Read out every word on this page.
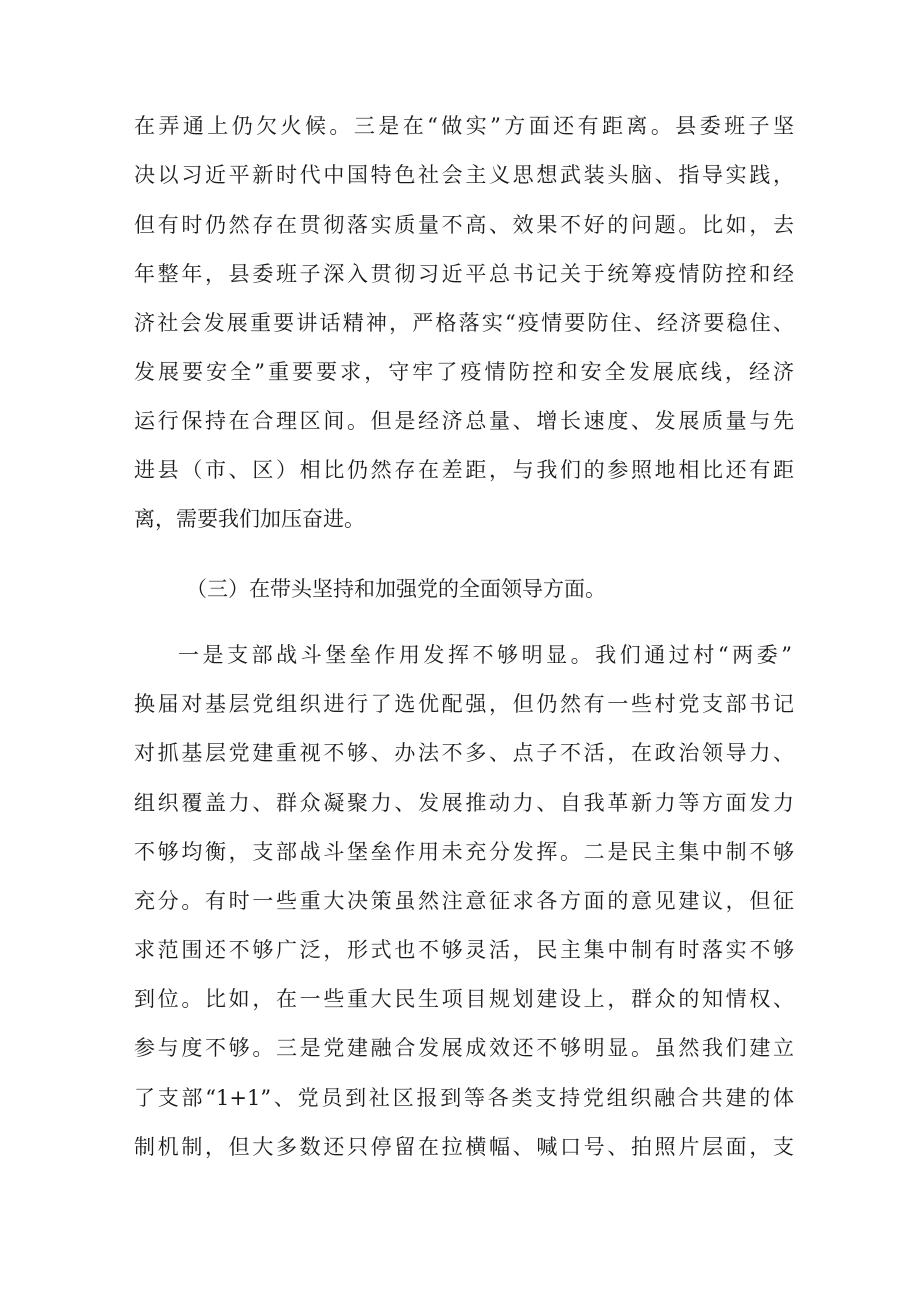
在弄通上仍欠火候。三是在“做实”方面还有距离。县委班子坚
决以习近平新时代中国特色社会主义思想武装头脑、指导实践，
但有时仍然存在贯彻落实质量不高、效果不好的问题。比如，去
年整年，县委班子深入贯彻习近平总书记关于统筹疫情防控和经
济社会发展重要讲话精神，严格落实“疫情要防住、经济要稳住、
发展要安全”重要要求，守牢了疫情防控和安全发展底线，经济
运行保持在合理区间。但是经济总量、增长速度、发展质量与先
进县（市、区）相比仍然存在差距，与我们的参照地相比还有距
离，需要我们加压奋进。
（三）在带头坚持和加强党的全面领导方面。
一是支部战斗堡垒作用发挥不够明显。我们通过村“两委”
换届对基层党组织进行了选优配强，但仍然有一些村党支部书记
对抓基层党建重视不够、办法不多、点子不活，在政治领导力、
组织覆盖力、群众凝聚力、发展推动力、自我革新力等方面发力
不够均衡，支部战斗堡垒作用未充分发挥。二是民主集中制不够
充分。有时一些重大决策虽然注意征求各方面的意见建议，但征
求范围还不够广泛，形式也不够灵活，民主集中制有时落实不够
到位。比如，在一些重大民生项目规划建设上，群众的知情权、
参与度不够。三是党建融合发展成效还不够明显。虽然我们建立
了支部“1+1”、党员到社区报到等各类支持党组织融合共建的体
制机制，但大多数还只停留在拉横幅、喊口号、拍照片层面，支
